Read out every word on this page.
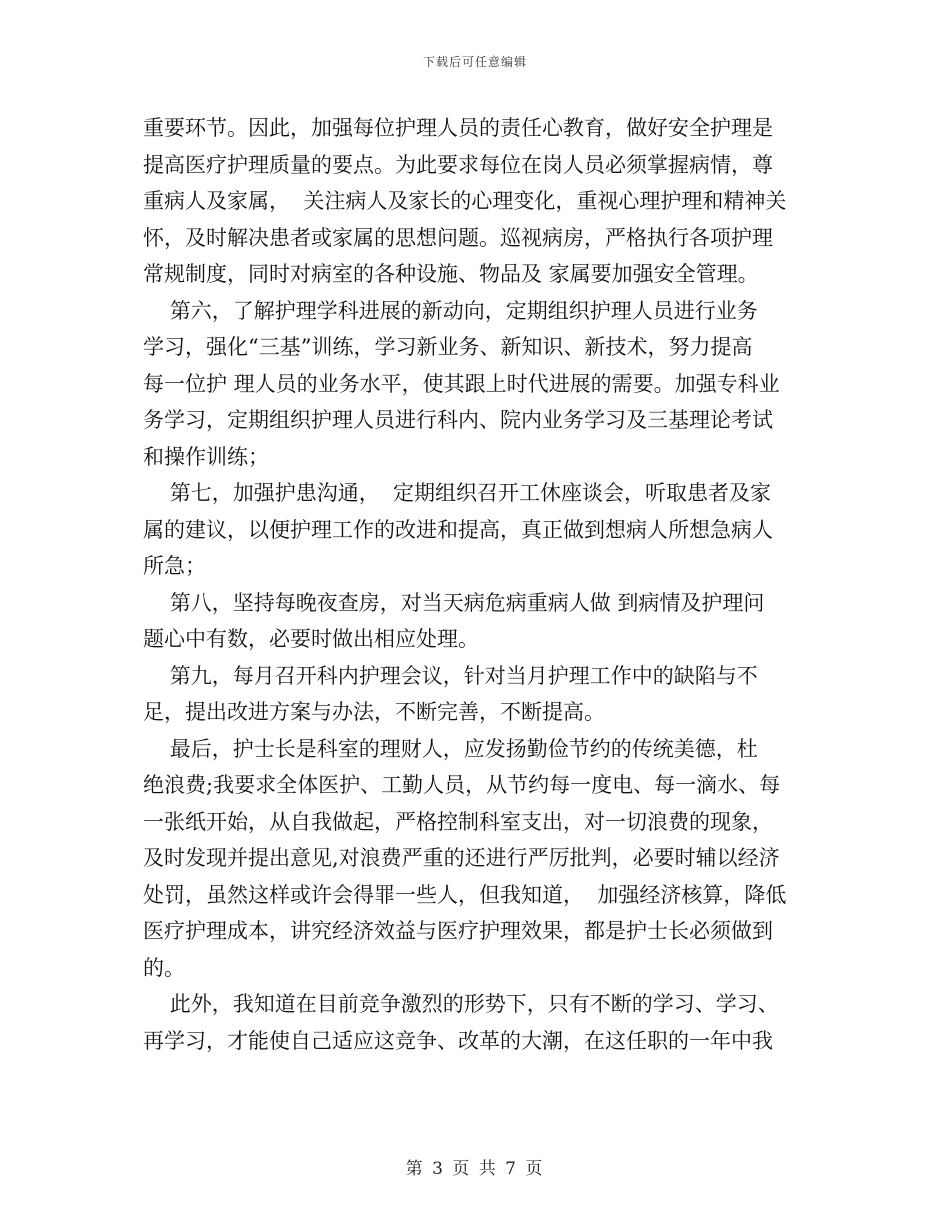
下载后可任意编辑
重要环节。因此，加强每位护理人员的责任心教育，做好安全护理是
提高医疗护理质量的要点。为此要求每位在岗人员必须掌握病情，尊
重病人及家属，  关注病人及家长的心理变化，重视心理护理和精神关
怀，及时解决患者或家属的思想问题。巡视病房，严格执行各项护理
常规制度，同时对病室的各种设施、物品及 家属要加强安全管理。
第六，了解护理学科进展的新动向，定期组织护理人员进行业务
学习，强化“三基”训练，学习新业务、新知识、新技术，努力提高
每一位护 理人员的业务水平，使其跟上时代进展的需要。加强专科业
务学习，定期组织护理人员进行科内、院内业务学习及三基理论考试
和操作训练；
第七，加强护患沟通，  定期组织召开工休座谈会，听取患者及家
属的建议，以便护理工作的改进和提高，真正做到想病人所想急病人
所急；
第八，坚持每晚夜查房，对当天病危病重病人做 到病情及护理问
题心中有数，必要时做出相应处理。
第九，每月召开科内护理会议，针对当月护理工作中的缺陷与不
足，提出改进方案与办法，不断完善，不断提高。
最后，护士长是科室的理财人，应发扬勤俭节约的传统美德，杜
绝浪费;我要求全体医护、工勤人员，从节约每一度电、每一滴水、每
一张纸开始，从自我做起，严格控制科室支出，对一切浪费的现象，
及时发现并提出意见,对浪费严重的还进行严厉批判，必要时辅以经济
处罚，虽然这样或许会得罪一些人，但我知道，  加强经济核算，降低
医疗护理成本，讲究经济效益与医疗护理效果，都是护士长必须做到
的。
此外，我知道在目前竞争激烈的形势下，只有不断的学习、学习、
再学习，才能使自己适应这竞争、改革的大潮，在这任职的一年中我
第 3 页 共 7 页
